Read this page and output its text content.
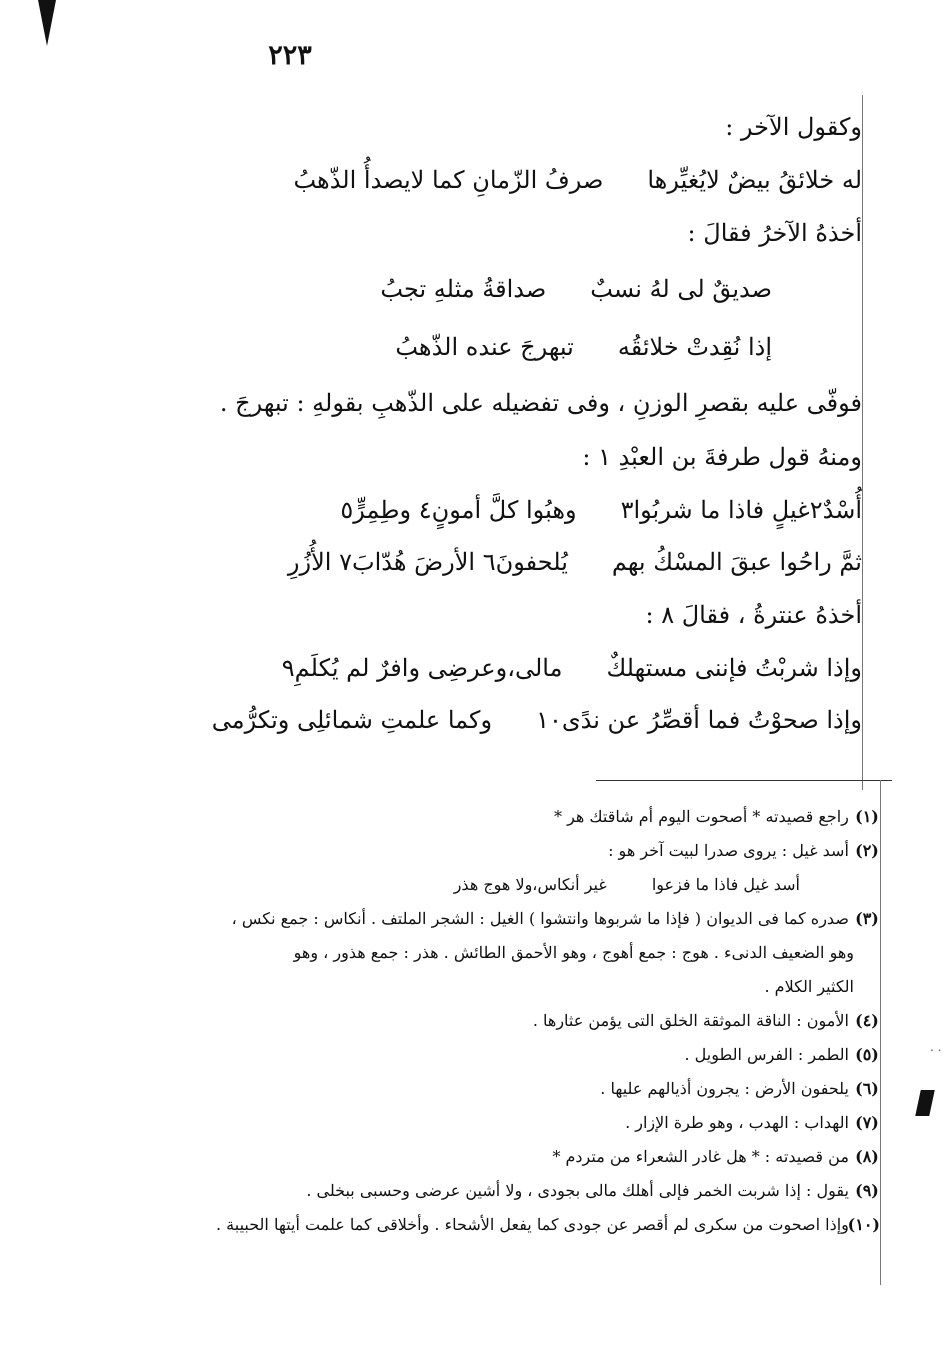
٢٢٣
. .
وكقول الآخر :
له خلائقُ بيضٌ لايُغيِّرها
صرفُ الزّمانِ كما لايصدأُ الذّهبُ
أخذهُ الآخرُ فقالَ :
صديقٌ لى لهُ نسبٌ
صداقةُ مثلهِ تجبُ
إذا نُقِدتْ خلائقُه
تبهرجَ عنده الذّهبُ
فوفّى عليه بقصرِ الوزنِ ، وفى تفضيله على الذّهبِ بقولهِ : تبهرجَ .
ومنهُ قول طرفةَ بن العبْدِ ١ :
أُسْدٌ٢غيلٍ فاذا ما شربُوا٣
وهبُوا كلَّ أمونٍ٤ وطِمِرٍّ٥
ثمَّ راحُوا عبقَ المسْكُ بهم
يُلحفونَ٦ الأرضَ هُدّابَ٧ الأُزُرِ
أخذهُ عنترةُ ، فقالَ ٨ :
وإذا شربْتُ فإننى مستهلكٌ
مالى،وعرضِى وافرٌ لم يُكلَمِ٩
وإذا صحوْتُ فما أقصِّرُ عن ندًى١٠
وكما علمتِ شمائلِى وتكرُّمى
(١) راجع قصيدته * أصحوت اليوم أم شاقتك هر *
(٢) أسد غيل : يروى صدرا لبيت آخر هو :
أسد غيل فاذا ما فزعوا غير أنكاس،ولا هوج هذر
(٣) صدره كما فى الديوان ( فإذا ما شربوها وانتشوا ) الغيل : الشجر الملتف . أنكاس : جمع نكس ،
وهو الضعيف الدنىء . هوج : جمع أهوج ، وهو الأحمق الطائش . هذر : جمع هذور ، وهو
الكثير الكلام .
(٤) الأمون : الناقة الموثقة الخلق التى يؤمن عثارها .
(٥) الطمر : الفرس الطويل .
(٦) يلحفون الأرض : يجرون أذيالهم عليها .
(٧) الهداب : الهدب ، وهو طرة الإزار .
(٨) من قصيدته : * هل غادر الشعراء من متردم *
(٩) يقول : إذا شربت الخمر فإلى أهلك مالى بجودى ، ولا أشين عرضى وحسبى ببخلى .
(١٠) وإذا اصحوت من سكرى لم أقصر عن جودى كما يفعل الأشحاء . وأخلاقى كما علمت أيتها الحبيبة .
